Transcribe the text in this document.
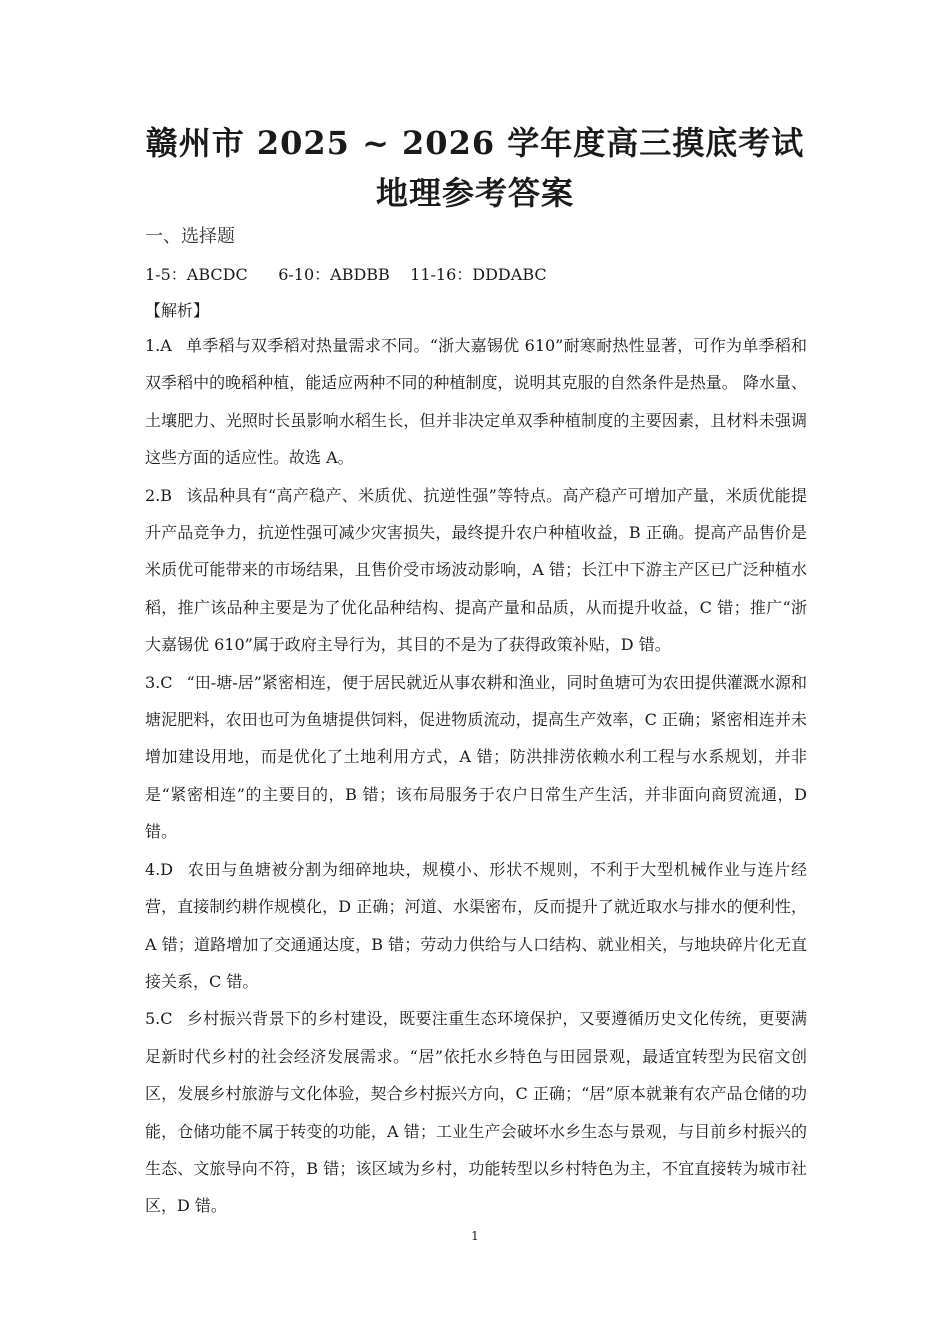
赣州市 2025 ~ 2026 学年度高三摸底考试
地理参考答案
一、选择题
1-5：ABCDC      6-10：ABDBB    11-16：DDDABC
【解析】

1.A 单季稻与双季稻对热量需求不同。“浙大嘉锡优 610”耐寒耐热性显著，可作为单季稻和双季稻中的晚稻种植，能适应两种不同的种植制度，说明其克服的自然条件是热量。 降水量、土壤肥力、光照时长虽影响水稻生长，但并非决定单双季种植制度的主要因素，且材料未强调这些方面的适应性。故选 A。

2.B 该品种具有“高产稳产、米质优、抗逆性强”等特点。高产稳产可增加产量，米质优能提升产品竞争力，抗逆性强可减少灾害损失，最终提升农户种植收益，B 正确。提高产品售价是米质优可能带来的市场结果，且售价受市场波动影响，A 错；长江中下游主产区已广泛种植水稻，推广该品种主要是为了优化品种结构、提高产量和品质，从而提升收益，C 错；推广“浙大嘉锡优 610”属于政府主导行为，其目的不是为了获得政策补贴，D 错。

3.C “田-塘-居”紧密相连，便于居民就近从事农耕和渔业，同时鱼塘可为农田提供灌溉水源和塘泥肥料，农田也可为鱼塘提供饲料，促进物质流动，提高生产效率，C 正确；紧密相连并未增加建设用地，而是优化了土地利用方式，A 错；防洪排涝依赖水利工程与水系规划，并非是“紧密相连”的主要目的，B 错；该布局服务于农户日常生产生活，并非面向商贸流通，D 错。

4.D 农田与鱼塘被分割为细碎地块，规模小、形状不规则，不利于大型机械作业与连片经营，直接制约耕作规模化，D 正确；河道、水渠密布，反而提升了就近取水与排水的便利性，A 错；道路增加了交通通达度，B 错；劳动力供给与人口结构、就业相关，与地块碎片化无直接关系，C 错。

5.C 乡村振兴背景下的乡村建设，既要注重生态环境保护，又要遵循历史文化传统，更要满足新时代乡村的社会经济发展需求。“居”依托水乡特色与田园景观，最适宜转型为民宿文创区，发展乡村旅游与文化体验，契合乡村振兴方向，C 正确；“居”原本就兼有农产品仓储的功能，仓储功能不属于转变的功能，A 错；工业生产会破坏水乡生态与景观，与目前乡村振兴的生态、文旅导向不符，B 错；该区域为乡村，功能转型以乡村特色为主，不宜直接转为城市社区，D 错。

1
